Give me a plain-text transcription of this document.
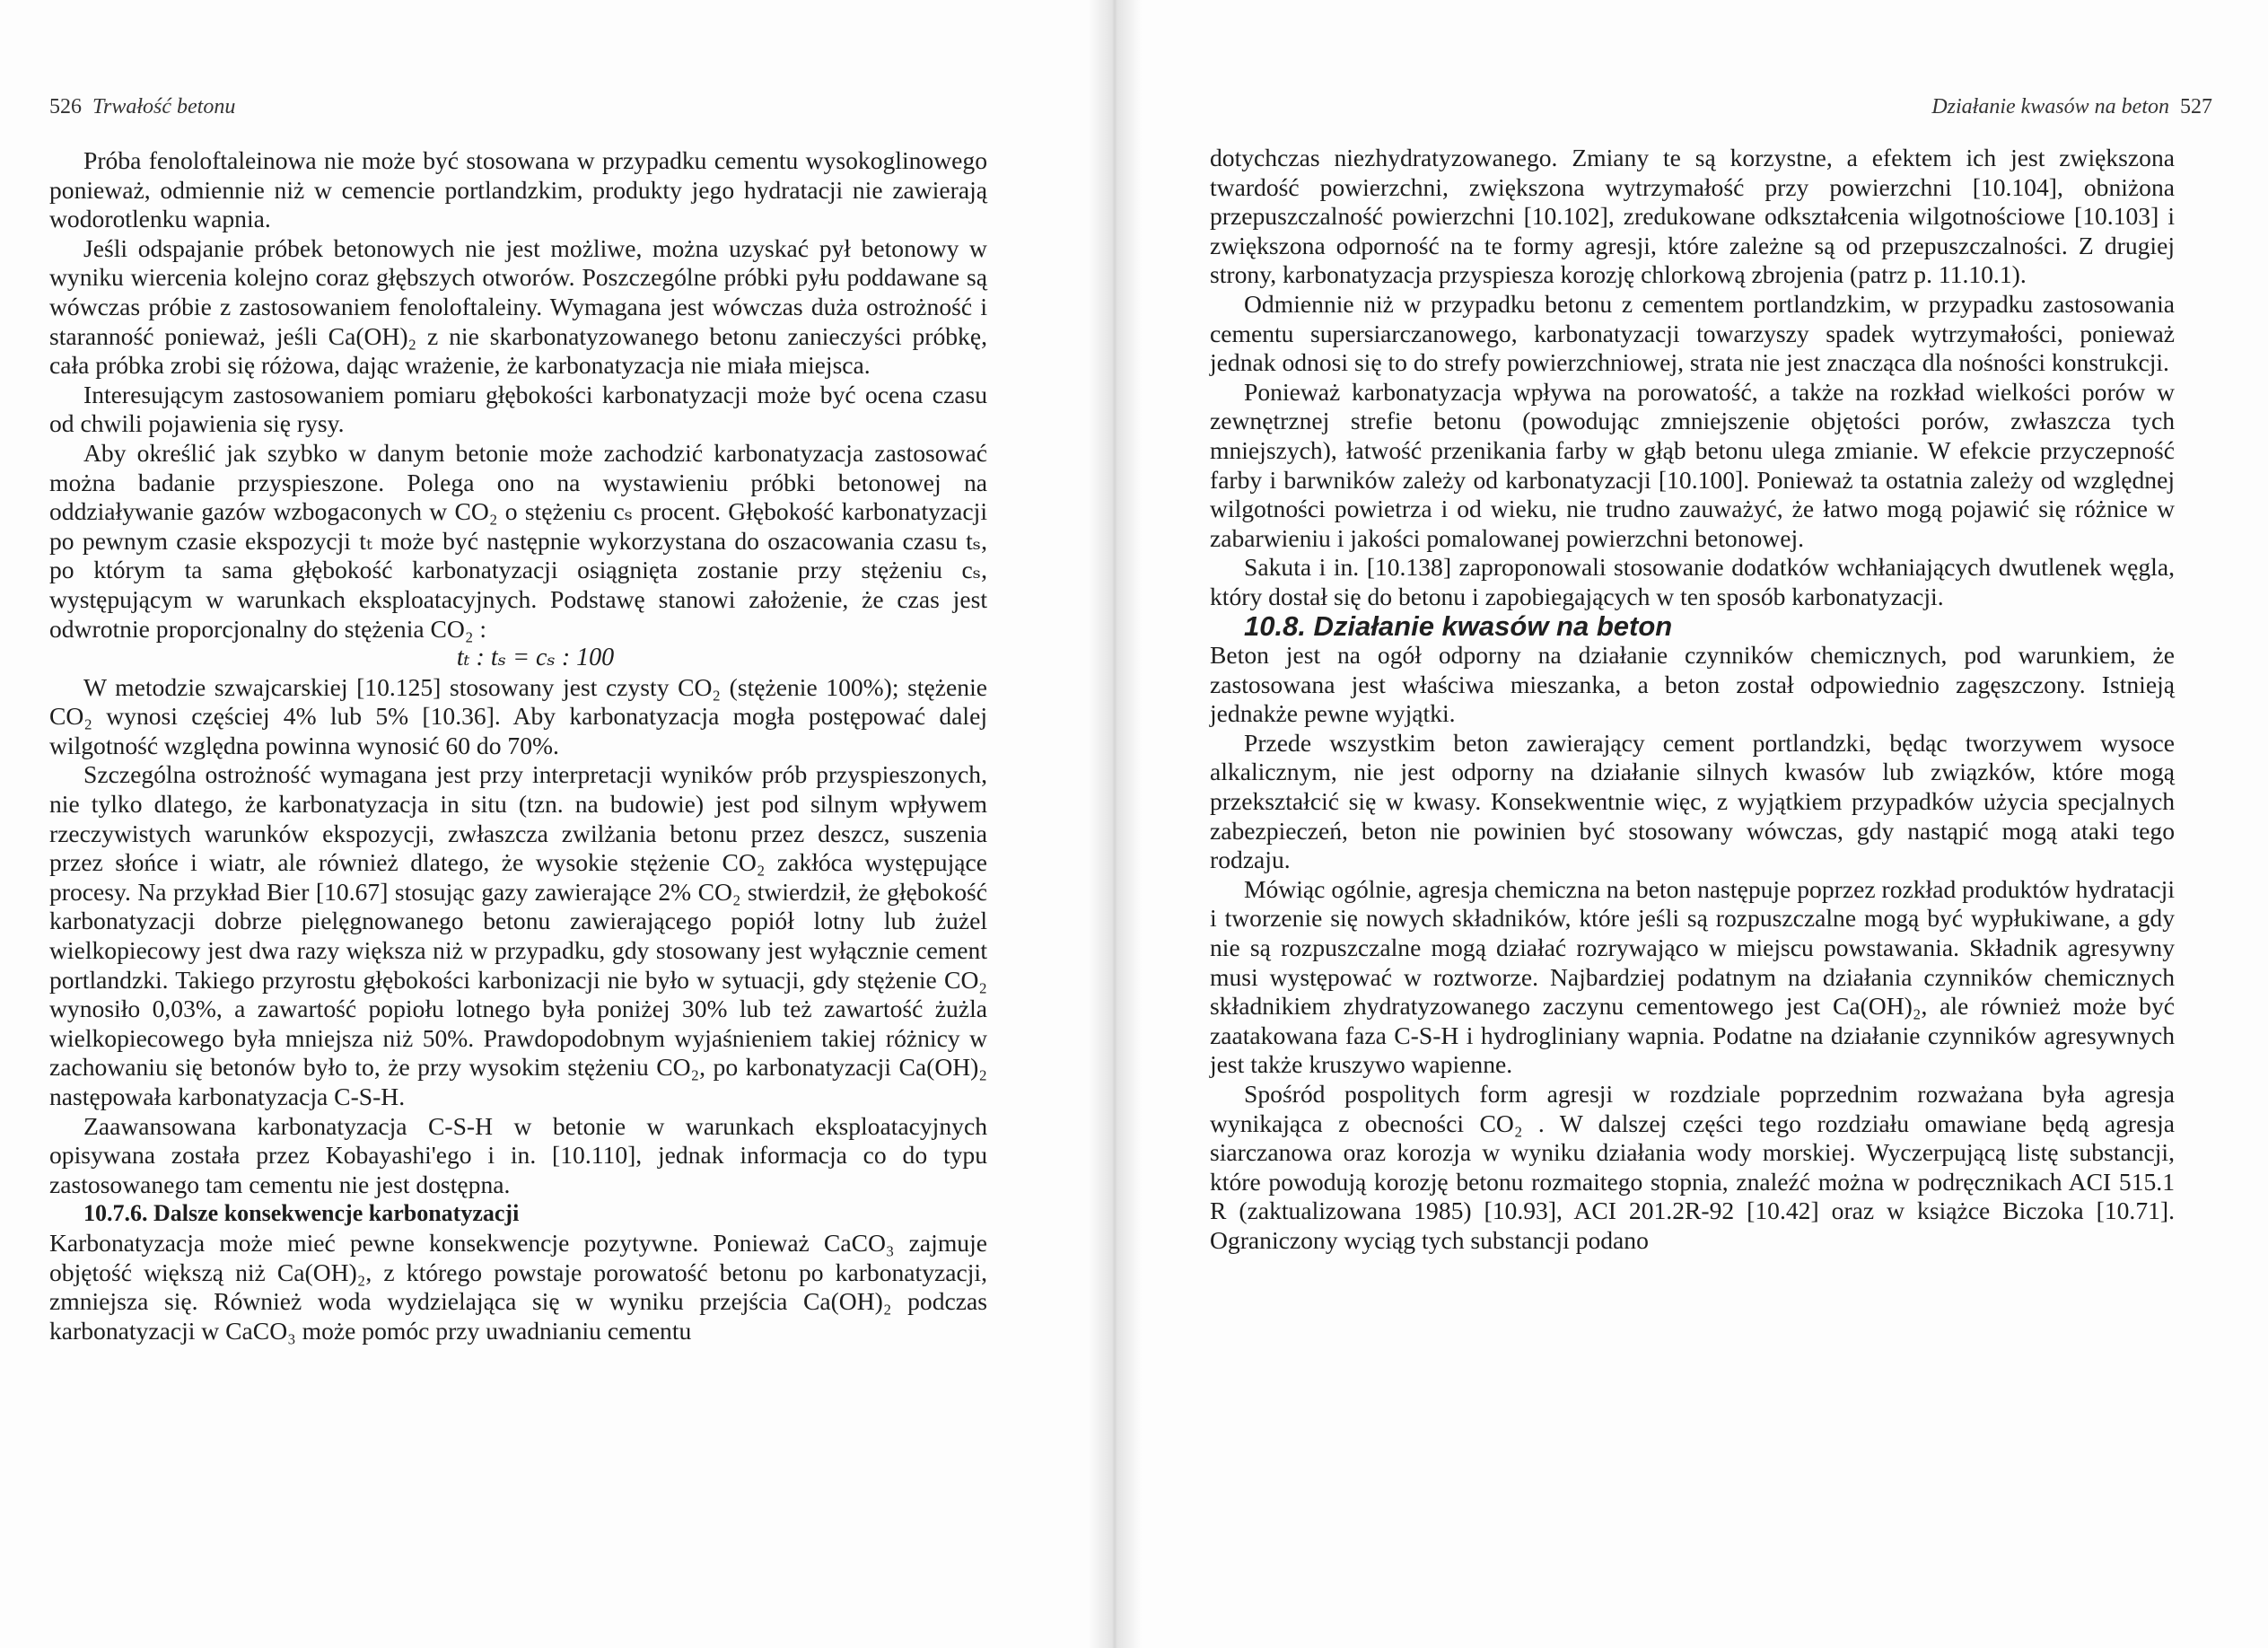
526 Trwałość betonu

Próba fenoloftaleinowa nie może być stosowana w przypadku cementu wysokoglinowego ponieważ, odmiennie niż w cemencie portlandzkim, produkty jego hydratacji nie zawierają wodorotlenku wapnia.

Jeśli odspajanie próbek betonowych nie jest możliwe, można uzyskać pył betonowy w wyniku wiercenia kolejno coraz głębszych otworów. Poszczególne próbki pyłu poddawane są wówczas próbie z zastosowaniem fenoloftaleiny. Wymagana jest wówczas duża ostrożność i staranność ponieważ, jeśli Ca(OH)₂ z nie skarbonatyzowanego betonu zanieczyści próbkę, cała próbka zrobi się różowa, dając wrażenie, że karbonatyzacja nie miała miejsca.

Interesującym zastosowaniem pomiaru głębokości karbonatyzacji może być ocena czasu od chwili pojawienia się rysy.

Aby określić jak szybko w danym betonie może zachodzić karbonatyzacja zastosować można badanie przyspieszone. Polega ono na wystawieniu próbki betonowej na oddziaływanie gazów wzbogaconych w CO₂ o stężeniu cₛ procent. Głębokość karbonatyzacji po pewnym czasie ekspozycji tₜ może być następnie wykorzystana do oszacowania czasu tₛ, po którym ta sama głębokość karbonatyzacji osiągnięta zostanie przy stężeniu cₛ, występującym w warunkach eksploatacyjnych. Podstawę stanowi założenie, że czas jest odwrotnie proporcjonalny do stężenia CO₂ :

tₜ : tₛ = cₛ : 100

W metodzie szwajcarskiej [10.125] stosowany jest czysty CO₂ (stężenie 100%); stężenie CO₂ wynosi częściej 4% lub 5% [10.36]. Aby karbonatyzacja mogła postępować dalej wilgotność względna powinna wynosić 60 do 70%.

Szczególna ostrożność wymagana jest przy interpretacji wyników prób przyspieszonych, nie tylko dlatego, że karbonatyzacja in situ (tzn. na budowie) jest pod silnym wpływem rzeczywistych warunków ekspozycji, zwłaszcza zwilżania betonu przez deszcz, suszenia przez słońce i wiatr, ale również dlatego, że wysokie stężenie CO₂ zakłóca występujące procesy. Na przykład Bier [10.67] stosując gazy zawierające 2% CO₂ stwierdził, że głębokość karbonatyzacji dobrze pielęgnowanego betonu zawierającego popiół lotny lub żużel wielkopiecowy jest dwa razy większa niż w przypadku, gdy stosowany jest wyłącznie cement portlandzki. Takiego przyrostu głębokości karbonizacji nie było w sytuacji, gdy stężenie CO₂ wynosiło 0,03%, a zawartość popiołu lotnego była poniżej 30% lub też zawartość żużla wielkopiecowego była mniejsza niż 50%. Prawdopodobnym wyjaśnieniem takiej różnicy w zachowaniu się betonów było to, że przy wysokim stężeniu CO₂, po karbonatyzacji Ca(OH)₂ następowała karbonatyzacja C-S-H.

Zaawansowana karbonatyzacja C-S-H w betonie w warunkach eksploatacyjnych opisywana została przez Kobayashi'ego i in. [10.110], jednak informacja co do typu zastosowanego tam cementu nie jest dostępna.

10.7.6. Dalsze konsekwencje karbonatyzacji

Karbonatyzacja może mieć pewne konsekwencje pozytywne. Ponieważ CaCO₃ zajmuje objętość większą niż Ca(OH)₂, z którego powstaje porowatość betonu po karbonatyzacji, zmniejsza się. Również woda wydzielająca się w wyniku przejścia Ca(OH)₂ podczas karbonatyzacji w CaCO₃ może pomóc przy uwadnianiu cementu

Działanie kwasów na beton 527

dotychczas niezhydratyzowanego. Zmiany te są korzystne, a efektem ich jest zwiększona twardość powierzchni, zwiększona wytrzymałość przy powierzchni [10.104], obniżona przepuszczalność powierzchni [10.102], zredukowane odkształcenia wilgotnościowe [10.103] i zwiększona odporność na te formy agresji, które zależne są od przepuszczalności. Z drugiej strony, karbonatyzacja przyspiesza korozję chlorkową zbrojenia (patrz p. 11.10.1).

Odmiennie niż w przypadku betonu z cementem portlandzkim, w przypadku zastosowania cementu supersiarczanowego, karbonatyzacji towarzyszy spadek wytrzymałości, ponieważ jednak odnosi się to do strefy powierzchniowej, strata nie jest znacząca dla nośności konstrukcji.

Ponieważ karbonatyzacja wpływa na porowatość, a także na rozkład wielkości porów w zewnętrznej strefie betonu (powodując zmniejszenie objętości porów, zwłaszcza tych mniejszych), łatwość przenikania farby w głąb betonu ulega zmianie. W efekcie przyczepność farby i barwników zależy od karbonatyzacji [10.100]. Ponieważ ta ostatnia zależy od względnej wilgotności powietrza i od wieku, nie trudno zauważyć, że łatwo mogą pojawić się różnice w zabarwieniu i jakości pomalowanej powierzchni betonowej.

Sakuta i in. [10.138] zaproponowali stosowanie dodatków wchłaniających dwutlenek węgla, który dostał się do betonu i zapobiegających w ten sposób karbonatyzacji.

10.8. Działanie kwasów na beton

Beton jest na ogół odporny na działanie czynników chemicznych, pod warunkiem, że zastosowana jest właściwa mieszanka, a beton został odpowiednio zagęszczony. Istnieją jednakże pewne wyjątki.

Przede wszystkim beton zawierający cement portlandzki, będąc tworzywem wysoce alkalicznym, nie jest odporny na działanie silnych kwasów lub związków, które mogą przekształcić się w kwasy. Konsekwentnie więc, z wyjątkiem przypadków użycia specjalnych zabezpieczeń, beton nie powinien być stosowany wówczas, gdy nastąpić mogą ataki tego rodzaju.

Mówiąc ogólnie, agresja chemiczna na beton następuje poprzez rozkład produktów hydratacji i tworzenie się nowych składników, które jeśli są rozpuszczalne mogą być wypłukiwane, a gdy nie są rozpuszczalne mogą działać rozrywająco w miejscu powstawania. Składnik agresywny musi występować w roztworze. Najbardziej podatnym na działania czynników chemicznych składnikiem zhydratyzowanego zaczynu cementowego jest Ca(OH)₂, ale również może być zaatakowana faza C-S-H i hydrogliniany wapnia. Podatne na działanie czynników agresywnych jest także kruszywo wapienne.

Spośród pospolitych form agresji w rozdziale poprzednim rozważana była agresja wynikająca z obecności CO₂ . W dalszej części tego rozdziału omawiane będą agresja siarczanowa oraz korozja w wyniku działania wody morskiej. Wyczerpującą listę substancji, które powodują korozję betonu rozmaitego stopnia, znaleźć można w podręcznikach ACI 515.1 R (zaktualizowana 1985) [10.93], ACI 201.2R-92 [10.42] oraz w książce Biczoka [10.71]. Ograniczony wyciąg tych substancji podano
